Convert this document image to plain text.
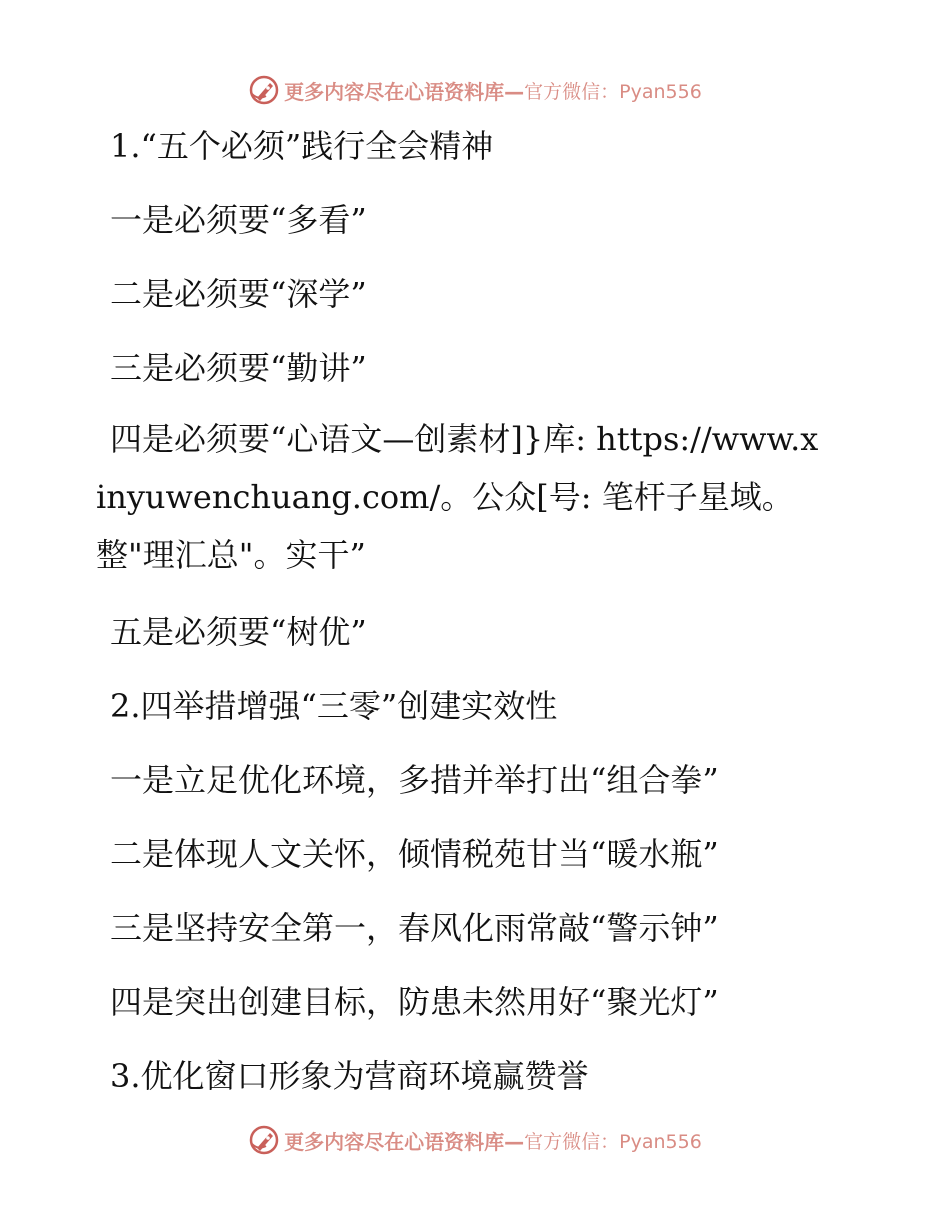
更多内容尽在心语资料库— 官方微信：Pyan556
1.“五个必须”践行全会精神
一是必须要“多看”
二是必须要“深学”
三是必须要“勤讲”
四是必须要“心语文—创素材]}库: https://www.xinyuwenchuang.com/。公众[号: 笔杆子星域。整"理汇总"。实干”
五是必须要“树优”
2.四举措增强“三零”创建实效性
一是立足优化环境，多措并举打出“组合拳”
二是体现人文关怀，倾情税苑甘当“暖水瓶”
三是坚持安全第一，春风化雨常敲“警示钟”
四是突出创建目标，防患未然用好“聚光灯”
3.优化窗口形象为营商环境赢赞誉
更多内容尽在心语资料库— 官方微信：Pyan556
